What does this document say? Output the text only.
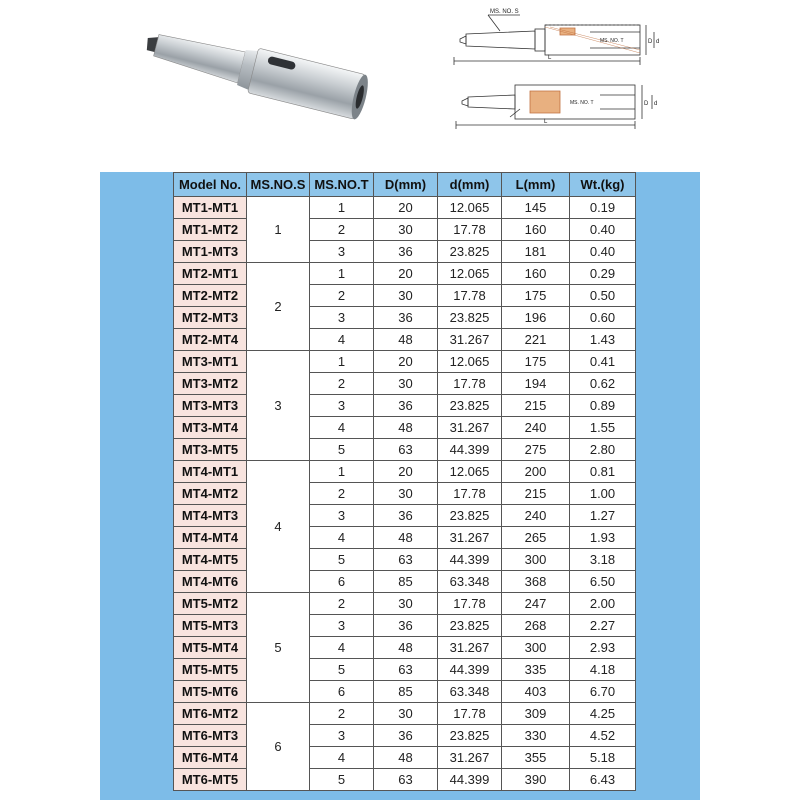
MS. NO. S
MS. NO. T
MS. NO. T
L
L
D d
D d
Model No.	MS.NO.S	MS.NO.T	D(mm)	d(mm)	L(mm)	Wt.(kg)
MT1-MT1	1	1	20	12.065	145	0.19
MT1-MT2		2	30	17.78	160	0.40
MT1-MT3		3	36	23.825	181	0.40
MT2-MT1	2	1	20	12.065	160	0.29
MT2-MT2		2	30	17.78	175	0.50
MT2-MT3		3	36	23.825	196	0.60
MT2-MT4		4	48	31.267	221	1.43
MT3-MT1	3	1	20	12.065	175	0.41
MT3-MT2		2	30	17.78	194	0.62
MT3-MT3		3	36	23.825	215	0.89
MT3-MT4		4	48	31.267	240	1.55
MT3-MT5		5	63	44.399	275	2.80
MT4-MT1	4	1	20	12.065	200	0.81
MT4-MT2		2	30	17.78	215	1.00
MT4-MT3		3	36	23.825	240	1.27
MT4-MT4		4	48	31.267	265	1.93
MT4-MT5		5	63	44.399	300	3.18
MT4-MT6		6	85	63.348	368	6.50
MT5-MT2	5	2	30	17.78	247	2.00
MT5-MT3		3	36	23.825	268	2.27
MT5-MT4		4	48	31.267	300	2.93
MT5-MT5		5	63	44.399	335	4.18
MT5-MT6		6	85	63.348	403	6.70
MT6-MT2	6	2	30	17.78	309	4.25
MT6-MT3		3	36	23.825	330	4.52
MT6-MT4		4	48	31.267	355	5.18
MT6-MT5		5	63	44.399	390	6.43
